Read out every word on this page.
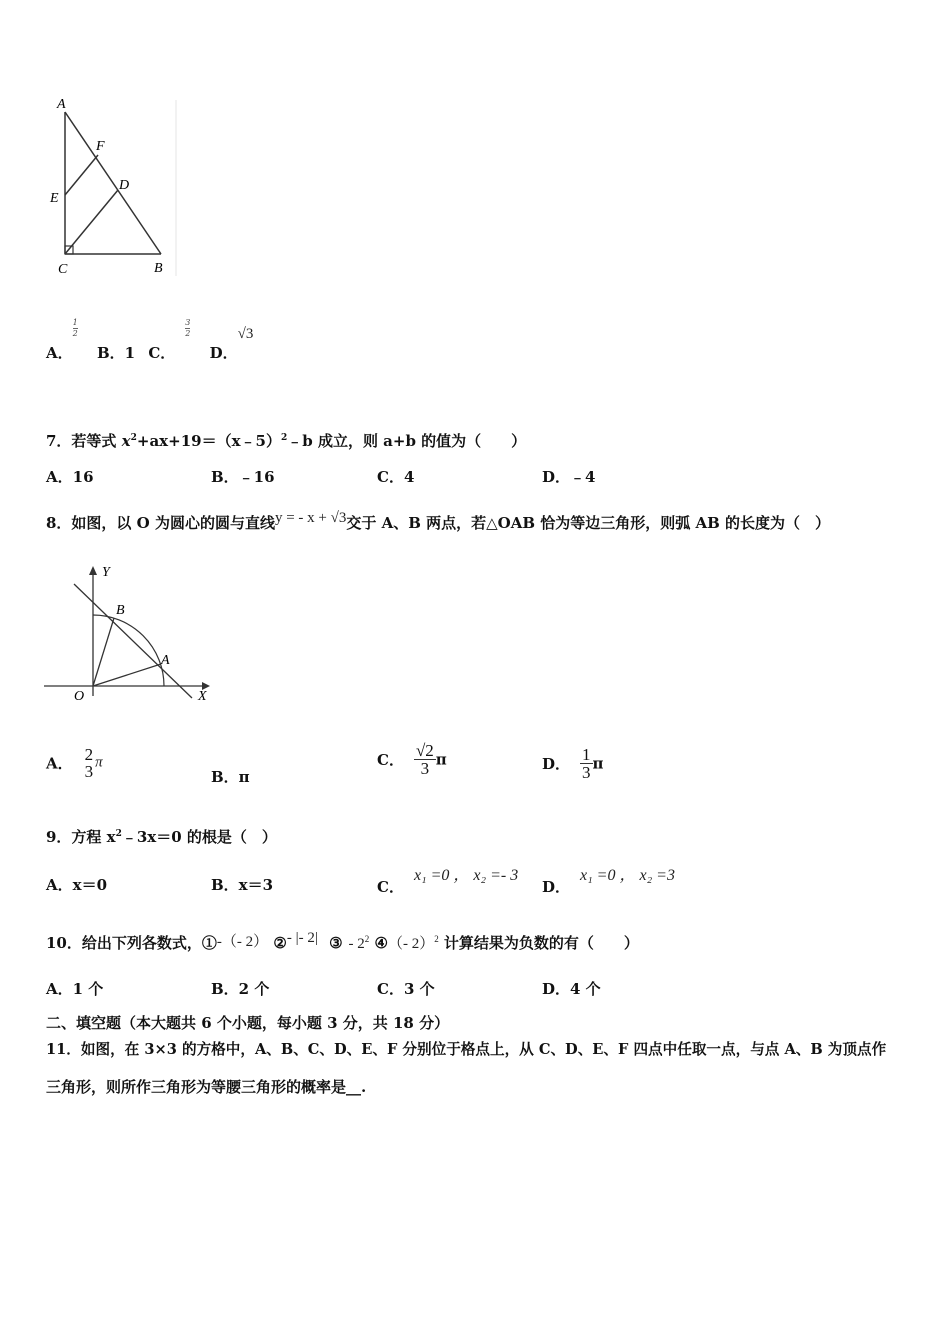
A
F
E
D
C	B
A．
$\frac{1}{2}$
B．1 C．
$\frac{3}{2}$
D．√3
7．若等式 $x^2+ax+19=(x﹣5)^2﹣b$ 成立，则 a+b 的值为（　　）
A．16	B．﹣16	C．4	D．﹣4
8．如图，以 O 为圆心的圆与直线y = - x + √3交于 A、B 两点，若△OAB 恰为等边三角形，则弧 AB 的长度为（　）
Y
B
A
O	X
A． 2
3 π
B．π
C． $\frac{√2}{3}$ π	D． $\frac{1}{3}$ π
9．方程 $x^2﹣3x=0$ 的根是（　）
A．x＝0	B．x＝3	C．x₁ =0 ， x₂ =- 3
D．x₁ =0 ， x₂ =3
10．给出下列各数式，①-（- 2） ②- |- 2| ③ - $2^2$ ④（- 2）$^2$ 计算结果为负数的有（　　）
A．1 个	B．2 个	C．3 个	D．4 个
二、填空题（本大题共 6 个小题，每小题 3 分，共 18 分）
11．如图，在 3×3 的方格中，A、B、C、D、E、F 分别位于格点上，从 C、D、E、F 四点中任取一点，与点 A、B 为顶点作
三角形，则所作三角形为等腰三角形的概率是__.
